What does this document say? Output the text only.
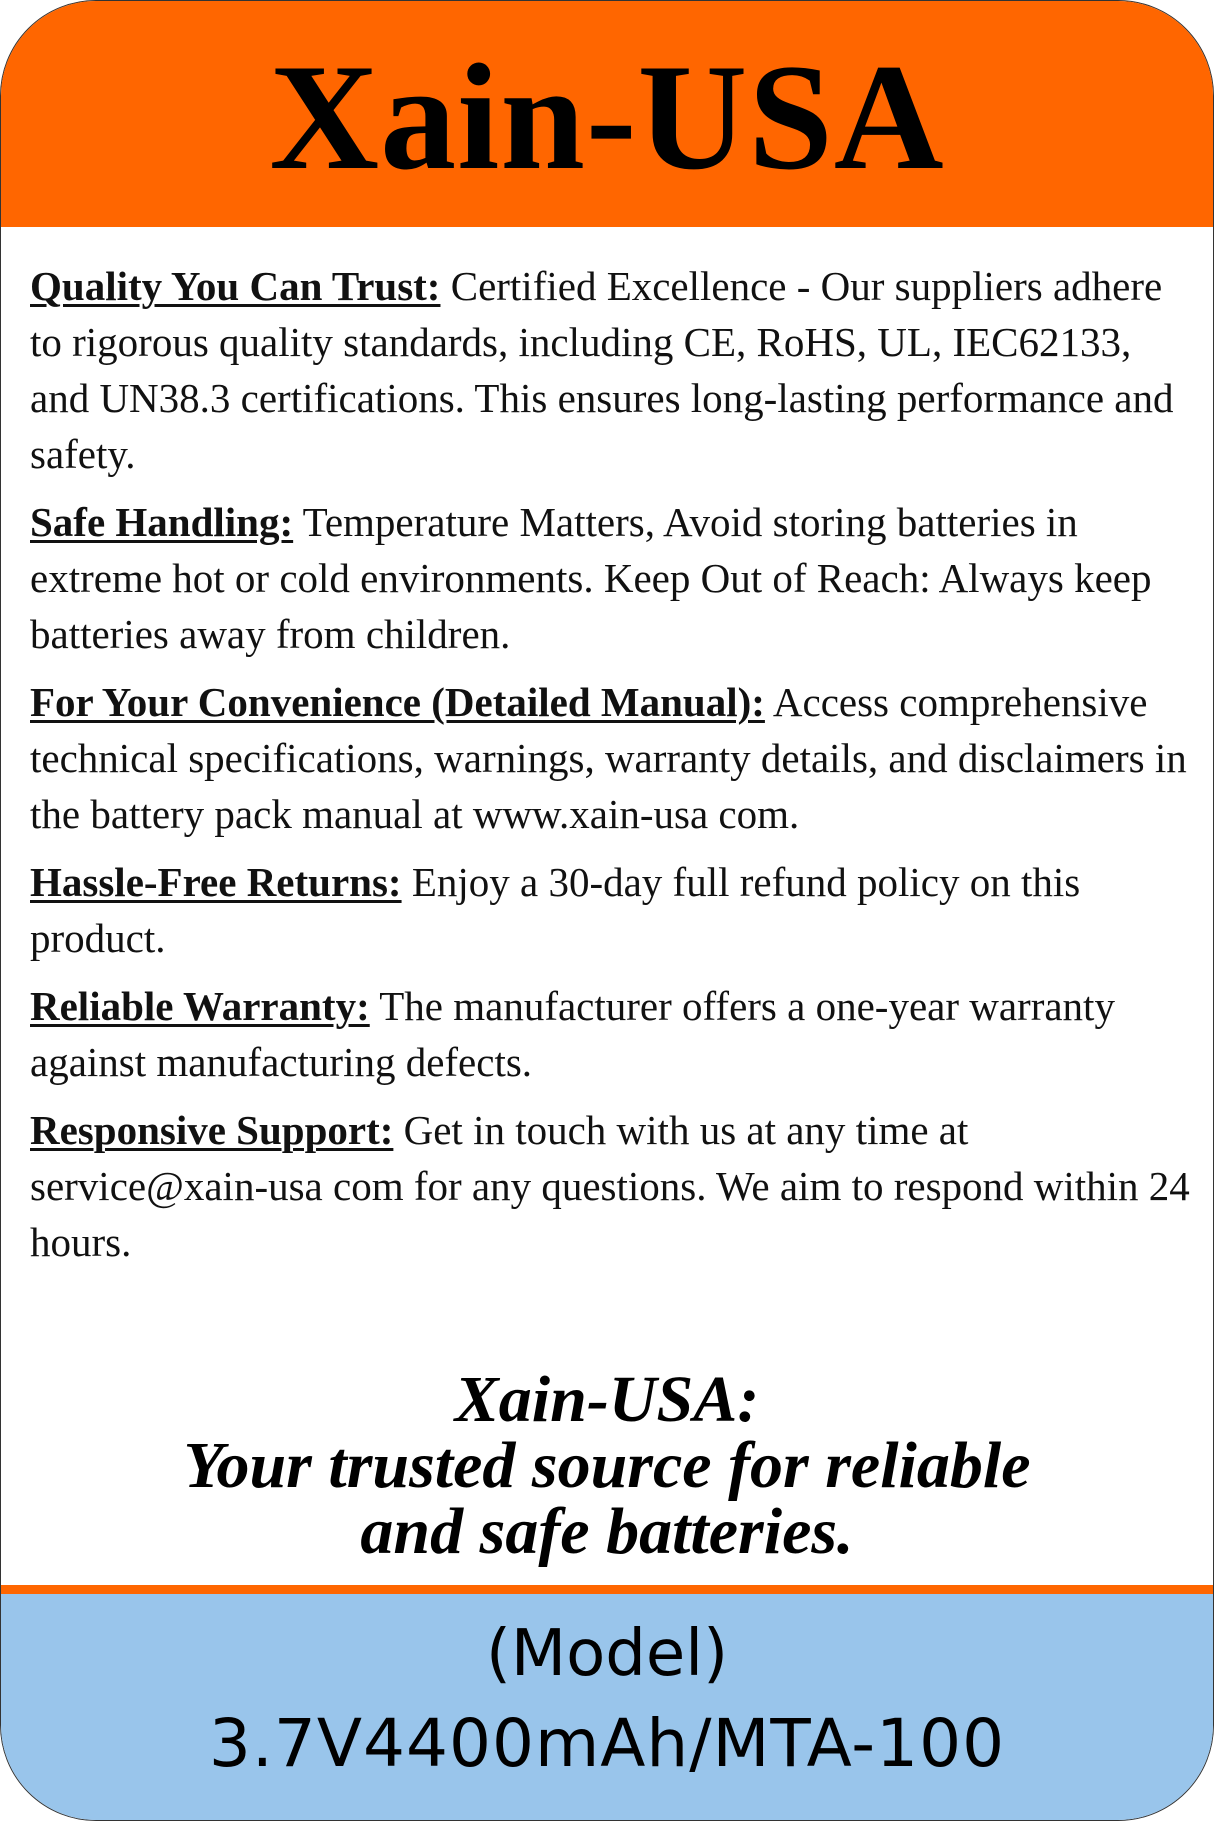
Xain-USA

Quality You Can Trust: Certified Excellence - Our suppliers adhere to rigorous quality standards, including CE, RoHS, UL, IEC62133, and UN38.3 certifications. This ensures long-lasting performance and safety.

Safe Handling: Temperature Matters, Avoid storing batteries in extreme hot or cold environments. Keep Out of Reach: Always keep batteries away from children.

For Your Convenience (Detailed Manual): Access comprehensive technical specifications, warnings, warranty details, and disclaimers in the battery pack manual at www.xain-usa com.

Hassle-Free Returns: Enjoy a 30-day full refund policy on this product.

Reliable Warranty: The manufacturer offers a one-year warranty against manufacturing defects.

Responsive Support: Get in touch with us at any time at service@xain-usa com for any questions. We aim to respond within 24 hours.

Xain-USA:
Your trusted source for reliable
and safe batteries.
(Model)
3.7V4400mAh/MTA-100
